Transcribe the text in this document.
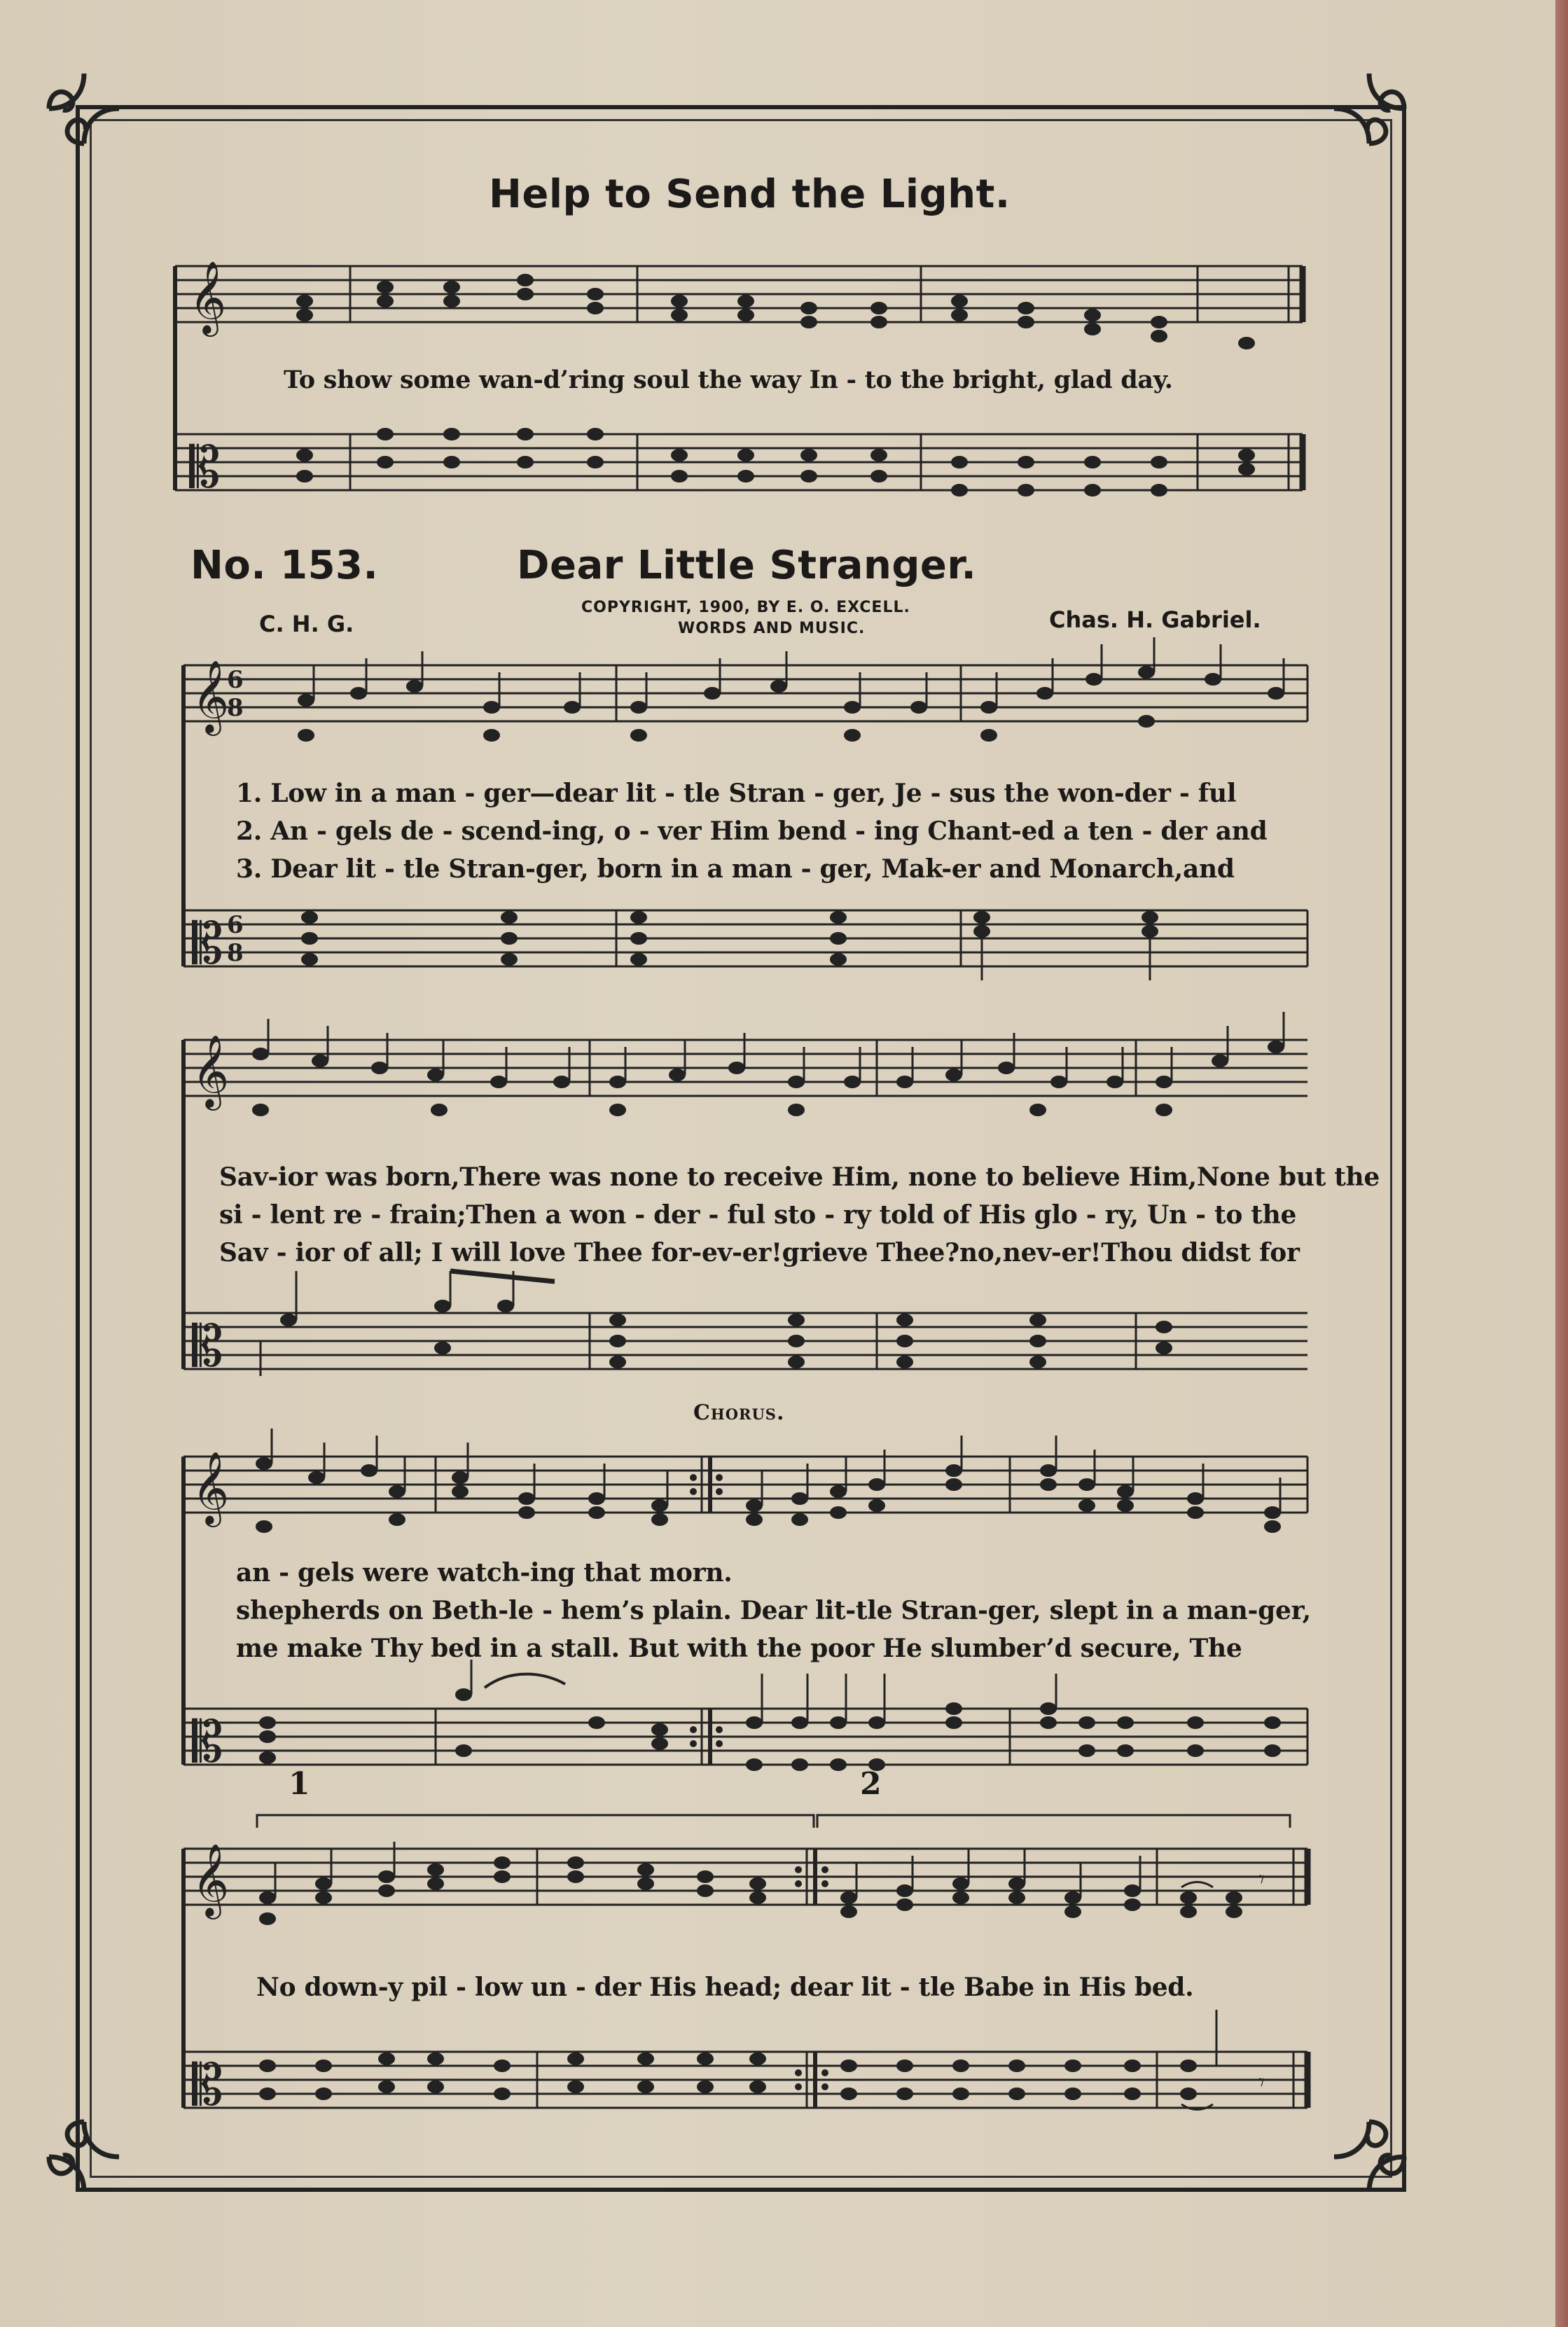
Help to Send the Light.
𝄞
𝄡
To show some wan-d’ring soul the way In - to the bright, glad day.
No. 153.	Dear Little Stranger.
COPYRIGHT, 1900, BY E. O. EXCELL.
WORDS AND MUSIC.
C. H. G.	Chas. H. Gabriel.
𝄞
6
8
𝄡 6
8
1. Low in a man - ger—dear lit - tle Stran - ger, Je - sus the won-der - ful
2. An - gels de - scend-ing, o - ver Him bend - ing Chant-ed a ten - der and
3. Dear lit - tle Stran-ger, born in a man - ger, Mak-er and Monarch,and
𝄞
𝄡
Sav-ior was born,There was none to receive Him, none to believe Him,None but the
si - lent re - frain;Then a won - der - ful sto - ry told of His glo - ry, Un - to the
Sav - ior of all; I will love Thee for-ev-er!grieve Thee?no,nev-er!Thou didst for
Chorus.
𝄞
𝄡
an - gels were watch-ing that morn.
shepherds on Beth-le - hem’s plain. Dear lit-tle Stran-ger, slept in a man-ger,
me make Thy bed in a stall. But with the poor He slumber’d secure, The
𝄞
𝄡
𝄾
𝄾
1	2
No down-y pil - low un - der His head; dear lit - tle Babe in His bed.
